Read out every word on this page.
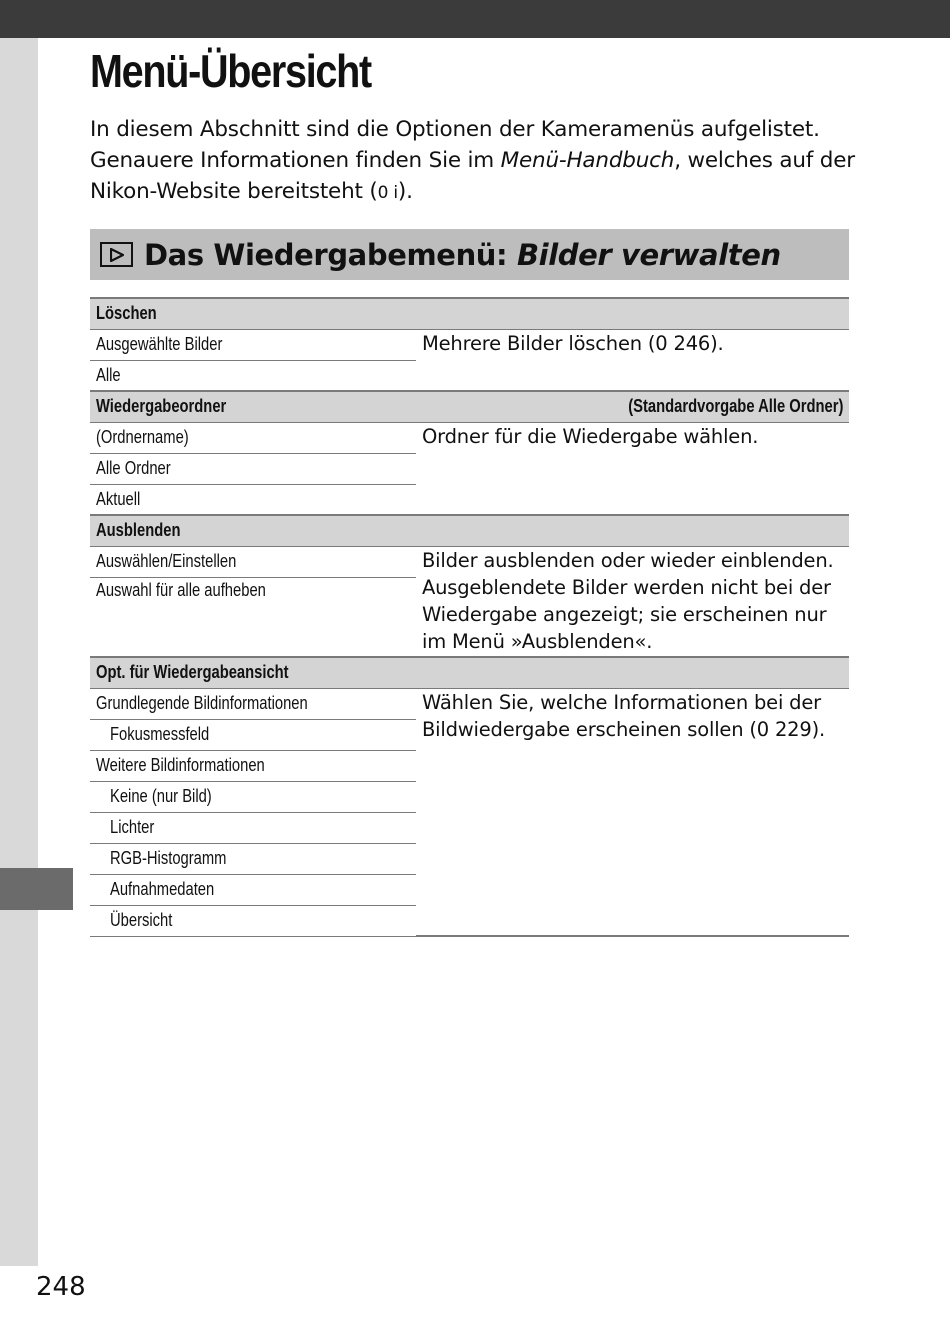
Menü-Übersicht

In diesem Abschnitt sind die Optionen der Kameramenüs aufgelistet. Genauere Informationen finden Sie im Menü-Handbuch, welches auf der Nikon-Website bereitsteht (0 i).

Das Wiedergabemenü: Bilder verwalten
Löschen	
Ausgewählte Bilder	Mehrere Bilder löschen (0 246).
Alle	
Wiedergabeordner	(Standardvorgabe Alle Ordner)
(Ordnername)	Ordner für die Wiedergabe wählen.
Alle Ordner	
Aktuell	
Ausblenden	
Auswählen/Einstellen	Bilder ausblenden oder wieder einblenden. Ausgeblendete Bilder werden nicht bei der Wiedergabe angezeigt; sie erscheinen nur im Menü »Ausblenden«.
Auswahl für alle aufheben	
Opt. für Wiedergabeansicht	
Grundlegende Bildinformationen	Wählen Sie, welche Informationen bei der Bildwiedergabe erscheinen sollen (0 229).
Fokusmessfeld	
Weitere Bildinformationen	
Keine (nur Bild)	
Lichter	
RGB-Histogramm	
Aufnahmedaten	
Übersicht	
248
